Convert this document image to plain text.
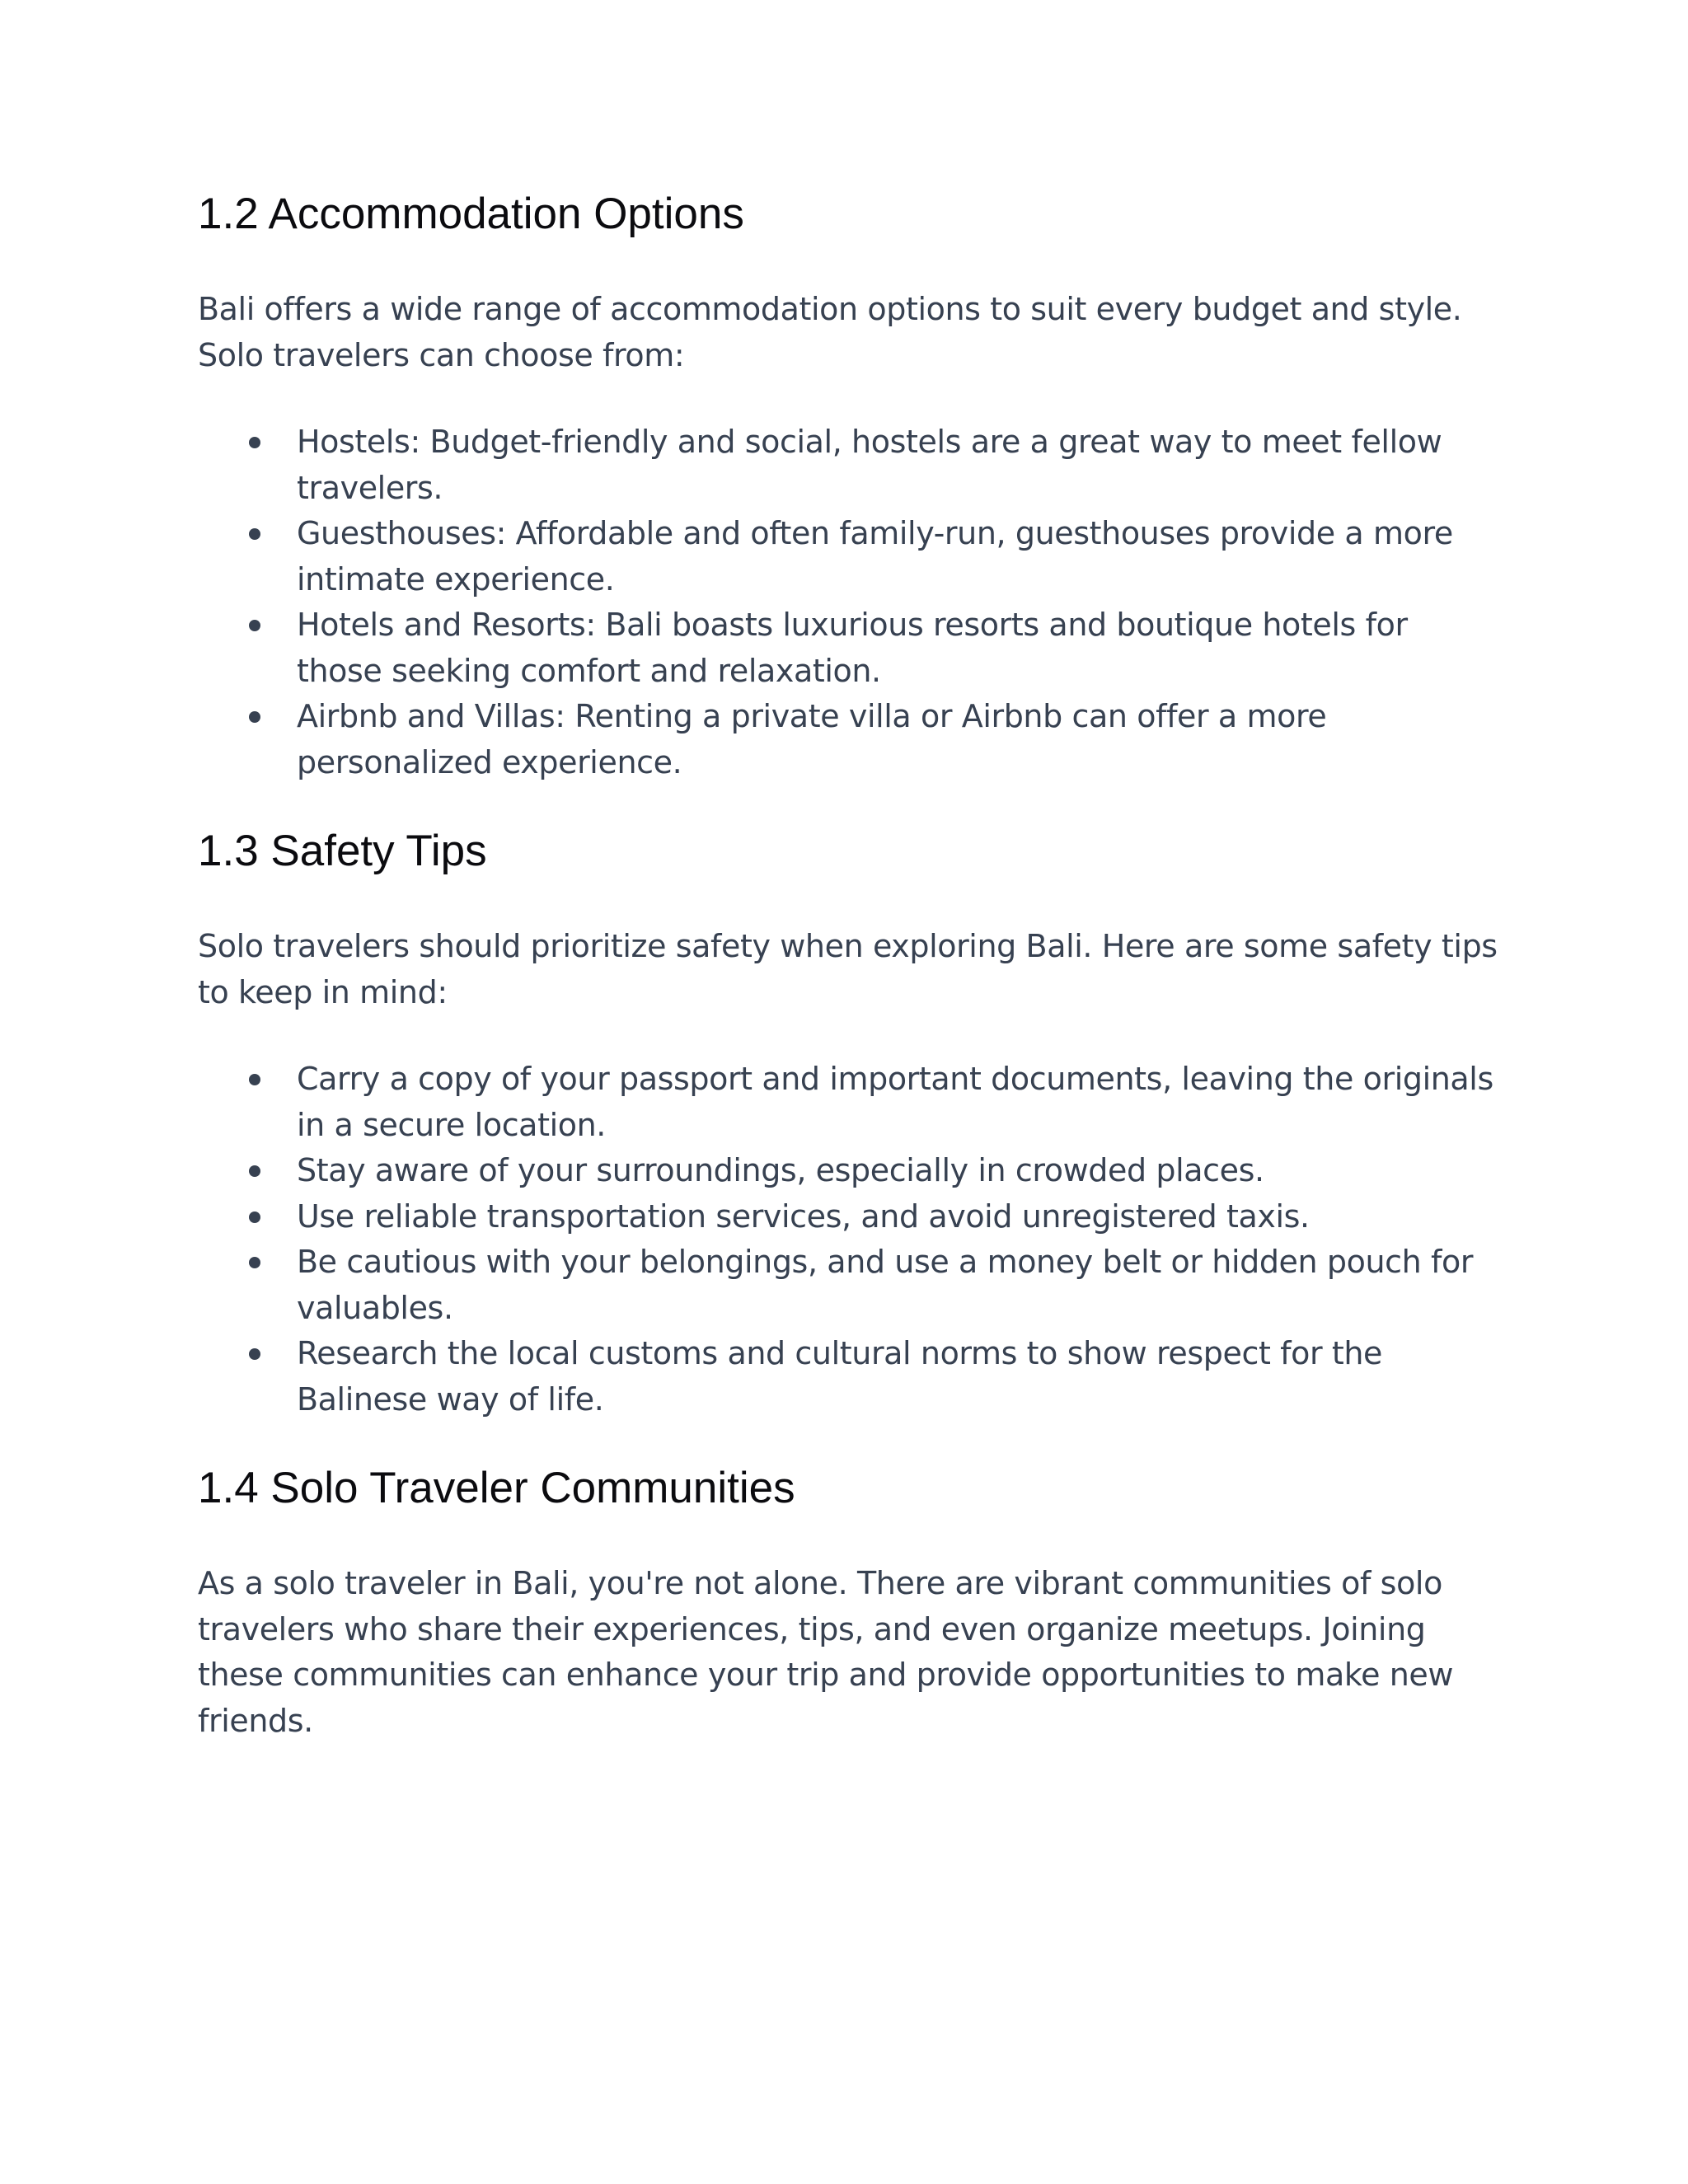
1.2 Accommodation Options

Bali offers a wide range of accommodation options to suit every budget and style. Solo travelers can choose from:

Hostels: Budget-friendly and social, hostels are a great way to meet fellow travelers.
Guesthouses: Affordable and often family-run, guesthouses provide a more intimate experience.
Hotels and Resorts: Bali boasts luxurious resorts and boutique hotels for those seeking comfort and relaxation.
Airbnb and Villas: Renting a private villa or Airbnb can offer a more personalized experience.
1.3 Safety Tips

Solo travelers should prioritize safety when exploring Bali. Here are some safety tips to keep in mind:

Carry a copy of your passport and important documents, leaving the originals in a secure location.
Stay aware of your surroundings, especially in crowded places.
Use reliable transportation services, and avoid unregistered taxis.
Be cautious with your belongings, and use a money belt or hidden pouch for valuables.
Research the local customs and cultural norms to show respect for the Balinese way of life.
1.4 Solo Traveler Communities

As a solo traveler in Bali, you're not alone. There are vibrant communities of solo travelers who share their experiences, tips, and even organize meetups. Joining these communities can enhance your trip and provide opportunities to make new friends.
